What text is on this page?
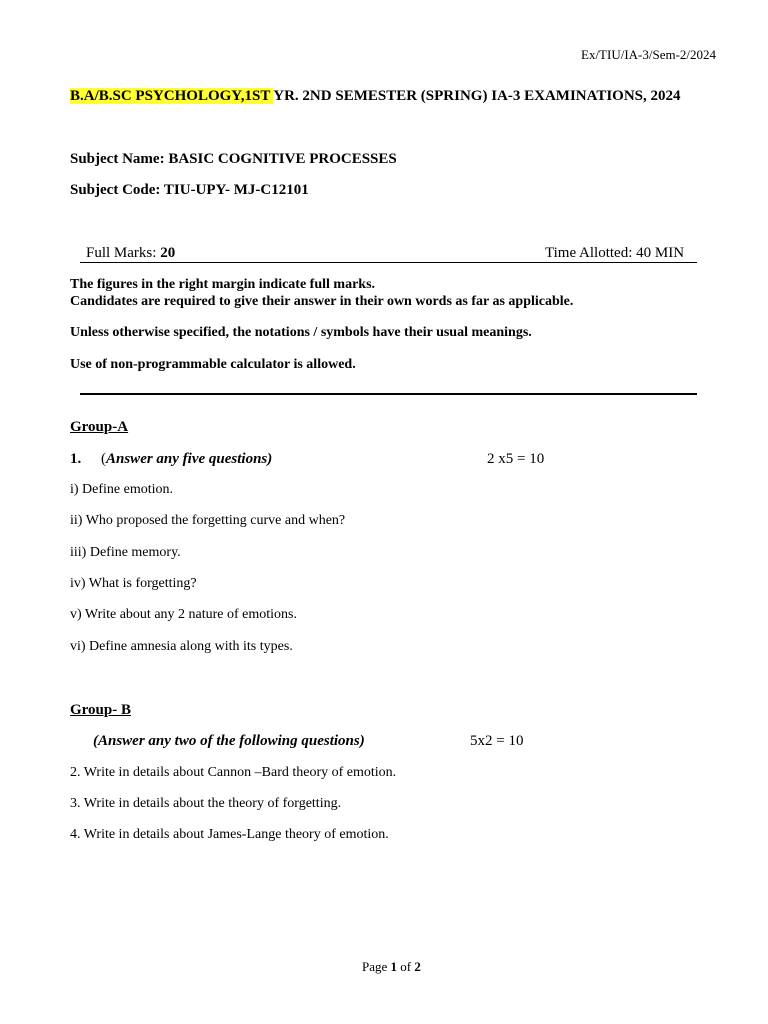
Ex/TIU/IA-3/Sem-2/2024
B.A/B.SC PSYCHOLOGY,1ST YR. 2ND SEMESTER (SPRING) IA-3 EXAMINATIONS, 2024
Subject Name: BASIC COGNITIVE PROCESSES
Subject Code: TIU-UPY- MJ-C12101
Full Marks: 20	Time Allotted: 40 MIN
The figures in the right margin indicate full marks.
Candidates are required to give their answer in their own words as far as applicable.
Unless otherwise specified, the notations / symbols have their usual meanings.
Use of non-programmable calculator is allowed.
Group-A
1. (Answer any five questions)	2 x5 = 10
i) Define emotion.
ii) Who proposed the forgetting curve and when?
iii) Define memory.
iv) What is forgetting?
v) Write about any 2 nature of emotions.
vi) Define amnesia along with its types.
Group- B
(Answer any two of the following questions)	5x2 = 10
2. Write in details about Cannon –Bard theory of emotion.
3. Write in details about the theory of forgetting.
4. Write in details about James-Lange theory of emotion.
Page 1 of 2
